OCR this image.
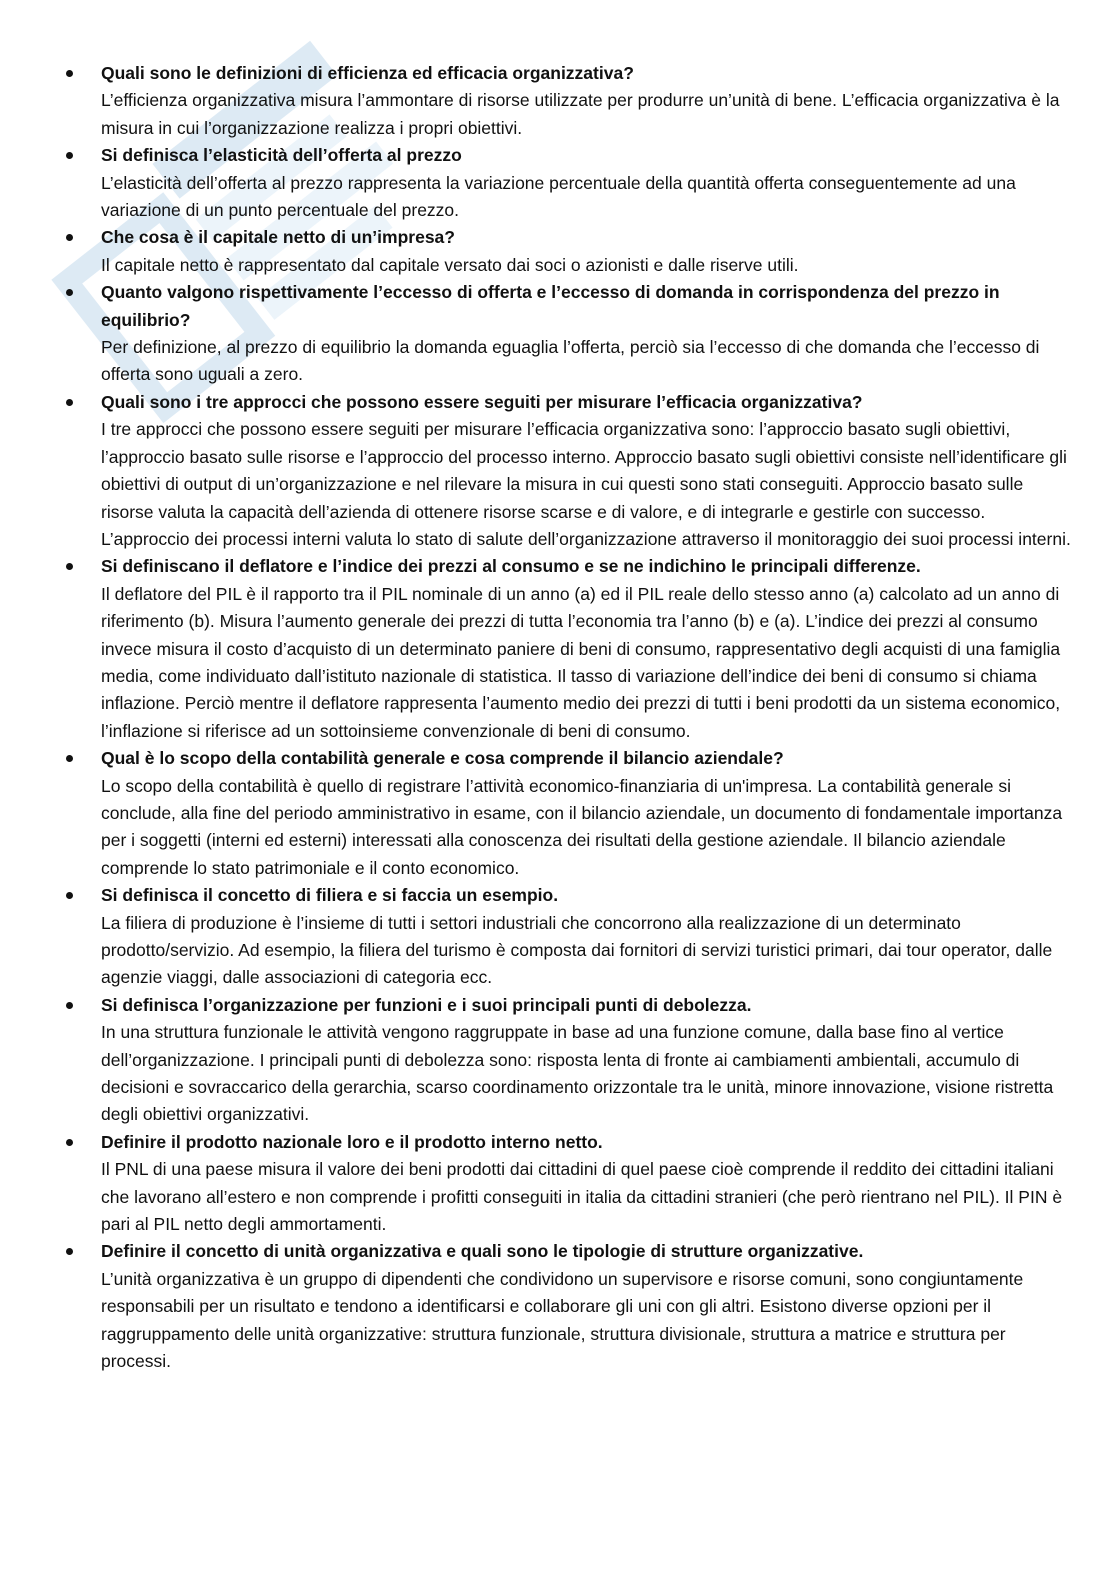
Quali sono le definizioni di efficienza ed efficacia organizzativa?

L’efficienza organizzativa misura l’ammontare di risorse utilizzate per produrre un’unità di bene. L’efficacia organizzativa è la misura in cui l’organizzazione realizza i propri obiettivi.

Si definisca l’elasticità dell’offerta al prezzo

L’elasticità dell’offerta al prezzo rappresenta la variazione percentuale della quantità offerta conseguentemente ad una variazione di un punto percentuale del prezzo.

Che cosa è il capitale netto di un’impresa?

Il capitale netto è rappresentato dal capitale versato dai soci o azionisti e dalle riserve utili.

Quanto valgono rispettivamente l’eccesso di offerta e l’eccesso di domanda in corrispondenza del prezzo in equilibrio?

Per definizione, al prezzo di equilibrio la domanda eguaglia l’offerta, perciò sia l’eccesso di che domanda che l’eccesso di offerta sono uguali a zero.

Quali sono i tre approcci che possono essere seguiti per misurare l’efficacia organizzativa?

I tre approcci che possono essere seguiti per misurare l’efficacia organizzativa sono: l’approccio basato sugli obiettivi, l’approccio basato sulle risorse e l’approccio del processo interno. Approccio basato sugli obiettivi consiste nell’identificare gli obiettivi di output di un’organizzazione e nel rilevare la misura in cui questi sono stati conseguiti. Approccio basato sulle risorse valuta la capacità dell’azienda di ottenere risorse scarse e di valore, e di integrarle e gestirle con successo. L’approccio dei processi interni valuta lo stato di salute dell’organizzazione attraverso il monitoraggio dei suoi processi interni.

Si definiscano il deflatore e l’indice dei prezzi al consumo e se ne indichino le principali differenze.

Il deflatore del PIL è il rapporto tra il PIL nominale di un anno (a) ed il PIL reale dello stesso anno (a) calcolato ad un anno di riferimento (b). Misura l’aumento generale dei prezzi di tutta l’economia tra l’anno (b) e (a). L’indice dei prezzi al consumo invece misura il costo d’acquisto di un determinato paniere di beni di consumo, rappresentativo degli acquisti di una famiglia media, come individuato dall’istituto nazionale di statistica. Il tasso di variazione dell’indice dei beni di consumo si chiama inflazione. Perciò mentre il deflatore rappresenta l’aumento medio dei prezzi di tutti i beni prodotti da un sistema economico, l’inflazione si riferisce ad un sottoinsieme convenzionale di beni di consumo.

Qual è lo scopo della contabilità generale e cosa comprende il bilancio aziendale?

Lo scopo della contabilità è quello di registrare l’attività economico-finanziaria di un'impresa. La contabilità generale si conclude, alla fine del periodo amministrativo in esame, con il bilancio aziendale, un documento di fondamentale importanza per i soggetti (interni ed esterni) interessati alla conoscenza dei risultati della gestione aziendale. Il bilancio aziendale comprende lo stato patrimoniale e il conto economico.

Si definisca il concetto di filiera e si faccia un esempio.

La filiera di produzione è l’insieme di tutti i settori industriali che concorrono alla realizzazione di un determinato prodotto/servizio. Ad esempio, la filiera del turismo è composta dai fornitori di servizi turistici primari, dai tour operator, dalle agenzie viaggi, dalle associazioni di categoria ecc.

Si definisca l’organizzazione per funzioni e i suoi principali punti di debolezza.

In una struttura funzionale le attività vengono raggruppate in base ad una funzione comune, dalla base fino al vertice dell’organizzazione. I principali punti di debolezza sono: risposta lenta di fronte ai cambiamenti ambientali, accumulo di decisioni e sovraccarico della gerarchia, scarso coordinamento orizzontale tra le unità, minore innovazione, visione ristretta degli obiettivi organizzativi.

Definire il prodotto nazionale loro e il prodotto interno netto.

Il PNL di una paese misura il valore dei beni prodotti dai cittadini di quel paese cioè comprende il reddito dei cittadini italiani che lavorano all’estero e non comprende i profitti conseguiti in italia da cittadini stranieri (che però rientrano nel PIL). Il PIN è pari al PIL netto degli ammortamenti.

Definire il concetto di unità organizzativa e quali sono le tipologie di strutture organizzative.

L’unità organizzativa è un gruppo di dipendenti che condividono un supervisore e risorse comuni, sono congiuntamente responsabili per un risultato e tendono a identificarsi e collaborare gli uni con gli altri. Esistono diverse opzioni per il raggruppamento delle unità organizzative: struttura funzionale, struttura divisionale, struttura a matrice e struttura per processi.
